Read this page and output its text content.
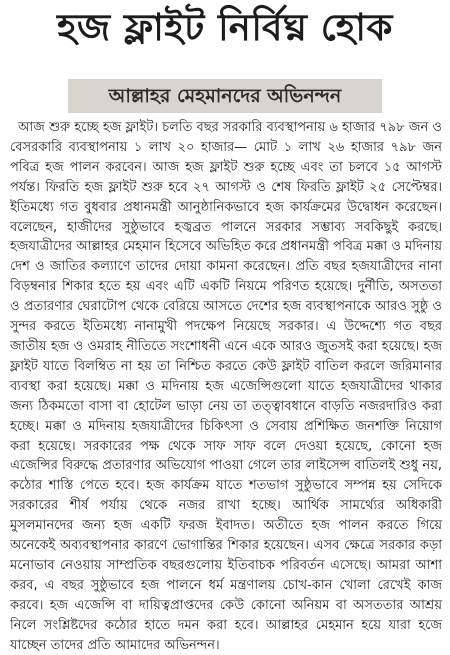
হজ ফ্লাইট নির্বিঘ্ন হোক
আল্লাহর মেহমানদের অভিনন্দন

আজ শুরু হচ্ছে হজ ফ্লাইট। চলতি বছর সরকারি ব্যবস্থাপনায় ৬ হাজার ৭৯৮ জন ও বেসরকারি ব্যবস্থাপনায় ১ লাখ ২০ হাজার— মোট ১ লাখ ২৬ হাজার ৭৯৮ জন পবিত্র হজ পালন করবেন। আজ হজ ফ্লাইট শুরু হচ্ছে এবং তা চলবে ১৫ আগস্ট পর্যন্ত। ফিরতি হজ ফ্লাইট শুরু হবে ২৭ আগস্ট ও শেষ ফিরতি ফ্লাইট ২৫ সেপ্টেম্বর। ইতিমধ্যে গত বুধবার প্রধানমন্ত্রী আনুষ্ঠানিকভাবে হজ কার্যক্রমের উদ্বোধন করেছেন। বলেছেন, হাজীদের সুষ্ঠুভাবে হজ্বব্রত পালনে সরকার সম্ভাব্য সবকিছুই করছে। হজযাত্রীদের আল্লাহর মেহমান হিসেবে অভিহিত করে প্রধানমন্ত্রী পবিত্র মক্কা ও মদিনায় দেশ ও জাতির কল্যাণে তাদের দোয়া কামনা করেছেন। প্রতি বছর হজযাত্রীদের নানা বিড়ম্বনার শিকার হতে হয় এবং এটি একটি নিয়মে পরিণত হয়েছে। দুর্নীতি, অসততা ও প্রতারণার ঘেরাটোপ থেকে বেরিয়ে আসতে দেশের হজ ব্যবস্থাপনাকে আরও সুষ্ঠু ও সুন্দর করতে ইতিমধ্যে নানামুখী পদক্ষেপ নিয়েছে সরকার। এ উদ্দেশ্যে গত বছর জাতীয় হজ ও ওমরাহ নীতিতে সংশোধনী এনে একে আরও জুতসই করা হয়েছে। হজ ফ্লাইট যাতে বিলম্বিত না হয় তা নিশ্চিত করতে কেউ ফ্লাইট বাতিল করলে জরিমানার ব্যবস্থা করা হয়েছে। মক্কা ও মদিনায় হজ এজেন্সিগুলো যাতে হজযাত্রীদের থাকার জন্য ঠিকমতো বাসা বা হোটেল ভাড়া নেয় তা তত্ত্বাবধানে বাড়তি নজরদারিও করা হচ্ছে। মক্কা ও মদিনায় হজযাত্রীদের চিকিৎসা ও সেবায় প্রশিক্ষিত জনশক্তি নিয়োগ করা হয়েছে। সরকারের পক্ষ থেকে সাফ সাফ বলে দেওয়া হয়েছে, কোনো হজ এজেন্সির বিরুদ্ধে প্রতারণার অভিযোগ পাওয়া গেলে তার লাইসেন্স বাতিলই শুধু নয়, কঠোর শাস্তি পেতে হবে। হজ কার্যক্রম যাতে শতভাগ সুষ্ঠুভাবে সম্পন্ন হয় সেদিকে সরকারের শীর্ষ পর্যায় থেকে নজর রাখা হচ্ছে। আর্থিক সামর্থ্যের অধিকারী মুসলমানদের জন্য হজ একটি ফরজ ইবাদত। অতীতে হজ পালন করতে গিয়ে অনেকেই অব্যবস্থাপনার কারণে ভোগান্তির শিকার হয়েছেন। এসব ক্ষেত্রে সরকার কড়া মনোভাব নেওয়ায় সাম্প্রতিক বছরগুলোয় ইতিবাচক পরিবর্তন এসেছে। আমরা আশা করব, এ বছর সুষ্ঠুভাবে হজ পালনে ধর্ম মন্ত্রণালয় চোখ-কান খোলা রেখেই কাজ করবে। হজ এজেন্সি বা দায়িত্বপ্রাপ্তদের কেউ কোনো অনিয়ম বা অসততার আশ্রয় নিলে সংশ্লিষ্টদের কঠোর হাতে দমন করা হবে। আল্লাহর মেহমান হয়ে যারা হজে যাচ্ছেন তাদের প্রতি আমাদের অভিনন্দন।
